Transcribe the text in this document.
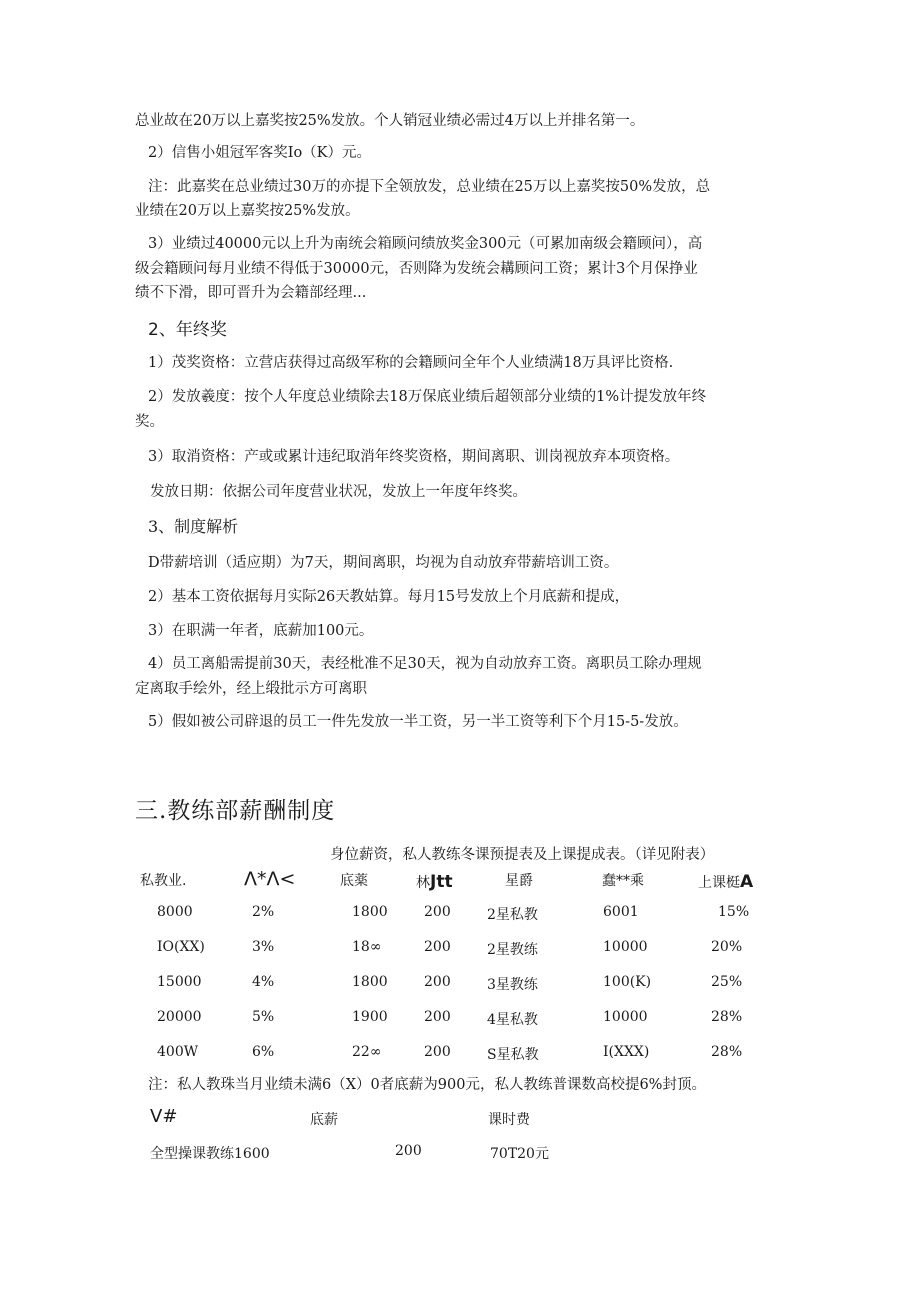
总业故在20万以上嘉奖按25%发放。个人销冠业绩必需过4万以上并排名第一。
2）信售小姐冠军客奖Io（K）元。
注：此嘉奖在总业绩过30万的亦提下全领放发，总业绩在25万以上嘉奖按50%发放，总
业绩在20万以上嘉奖按25%发放。
3）业绩过40000元以上升为南统会箱顾问绩放奖金300元（可累加南级会籍顾问），高
级会籍顾问每月业绩不得低于30000元，否则降为发统会耩顾问工资；累计3个月保挣业
绩不下滑，即可晋升为会籍部经理...
2、年终奖
1）茂奖资格：立营店获得过高级军称的会籍顾问全年个人业绩满18万具评比资格.
2）发放羲度：按个人年度总业绩除去18万保底业绩后超领部分业绩的1%计提发放年终
奖。
3）取消资格：产或或累计违纪取消年终奖资格，期间离职、训岗视放弃本项资格。
发放日期：依据公司年度营业状况，发放上一年度年终奖。
3、制度解析
D带薪培训（适应期）为7天，期间离职，均视为自动放弃带薪培训工资。
2）基本工资依据每月实际26天教姑算。每月15号发放上个月底薪和提成，
3）在职满一年者，底薪加100元。
4）员工离船需提前30天，表经枇准不足30天，视为自动放弃工资。离职员工除办理规
定离取手绘外，经上缎批示方可离职
5）假如被公司辟退的员工一件先发放一半工资，另一半工资等利下个月15-5-发放。
三.教练部薪酬制度
身位薪资，私人教练冬课预提表及上课提成表。（详见附表）
私教业.	Λ*Λ<	底薬	林Jtt	星爵	蠢**乘	上课梃A
8000	2%	1800	200	2星私教	6001	15%
IO(XX)	3%	18∞	200	2星教练	10000	20%
15000	4%	1800	200	3星教练	100(K)	25%
20000	5%	1900	200	4星私教	10000	28%
400W	6%	22∞	200	S星私教	I(XXX)	28%
注：私人教珠当月业绩未满6（X）0者底薪为900元，私人教练普课数高校提6%封顶。
V#	底薪	课时费
全型操课教练1600	200	70T20元
